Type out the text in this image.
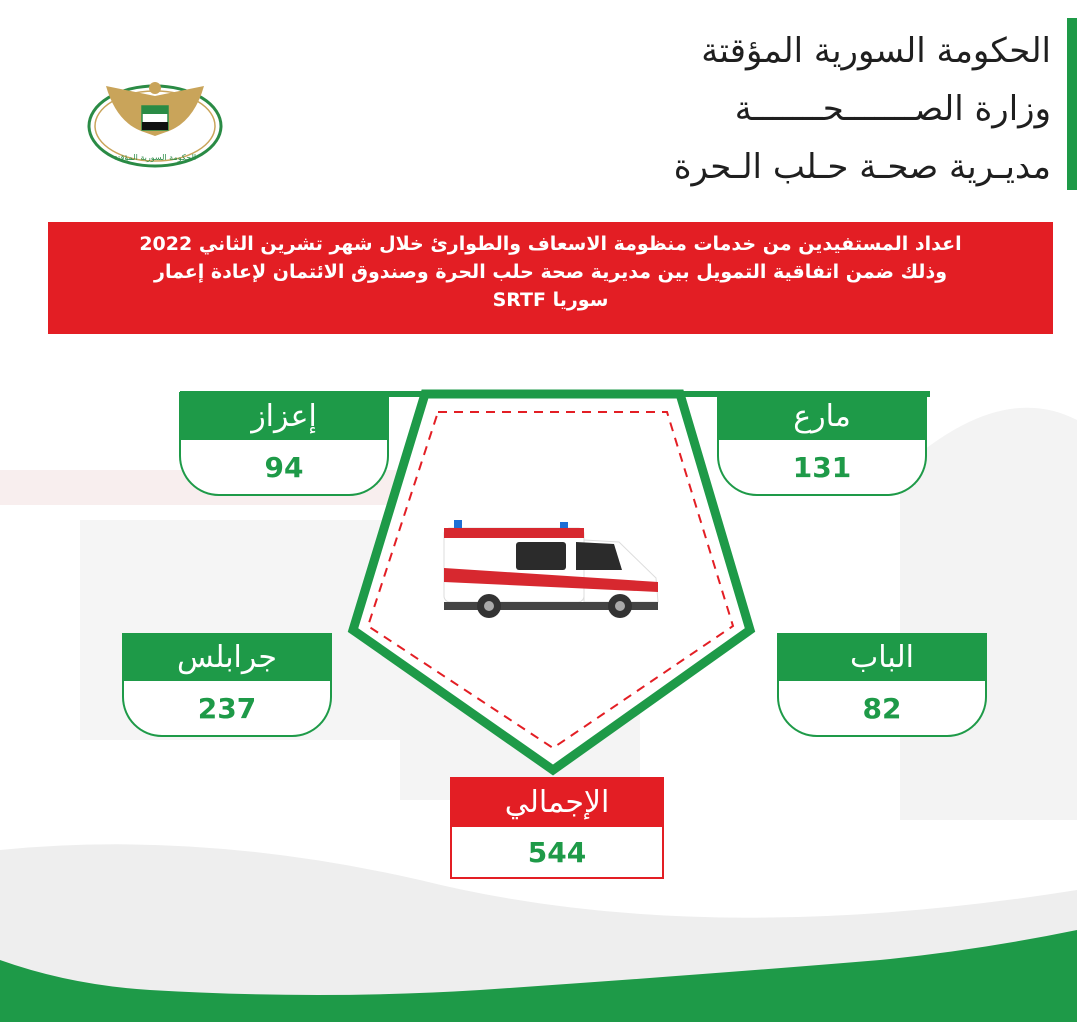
الحكومة السورية المؤقتة
وزارة الصـــــــحـــــــة
مديـرية صحـة حـلب الـحرة
الحكومة السورية المؤقتة
اعداد المستفيدين من خدمات منظومة الاسعاف والطوارئ خلال شهر تشرين الثاني 2022
وذلك ضمن اتفاقية التمويل بين مديرية صحة حلب الحرة وصندوق الائتمان لإعادة إعمار
سوريا SRTF
إعزاز
94
مارع
131
جرابلس
237
الباب
82
الإجمالي
544
